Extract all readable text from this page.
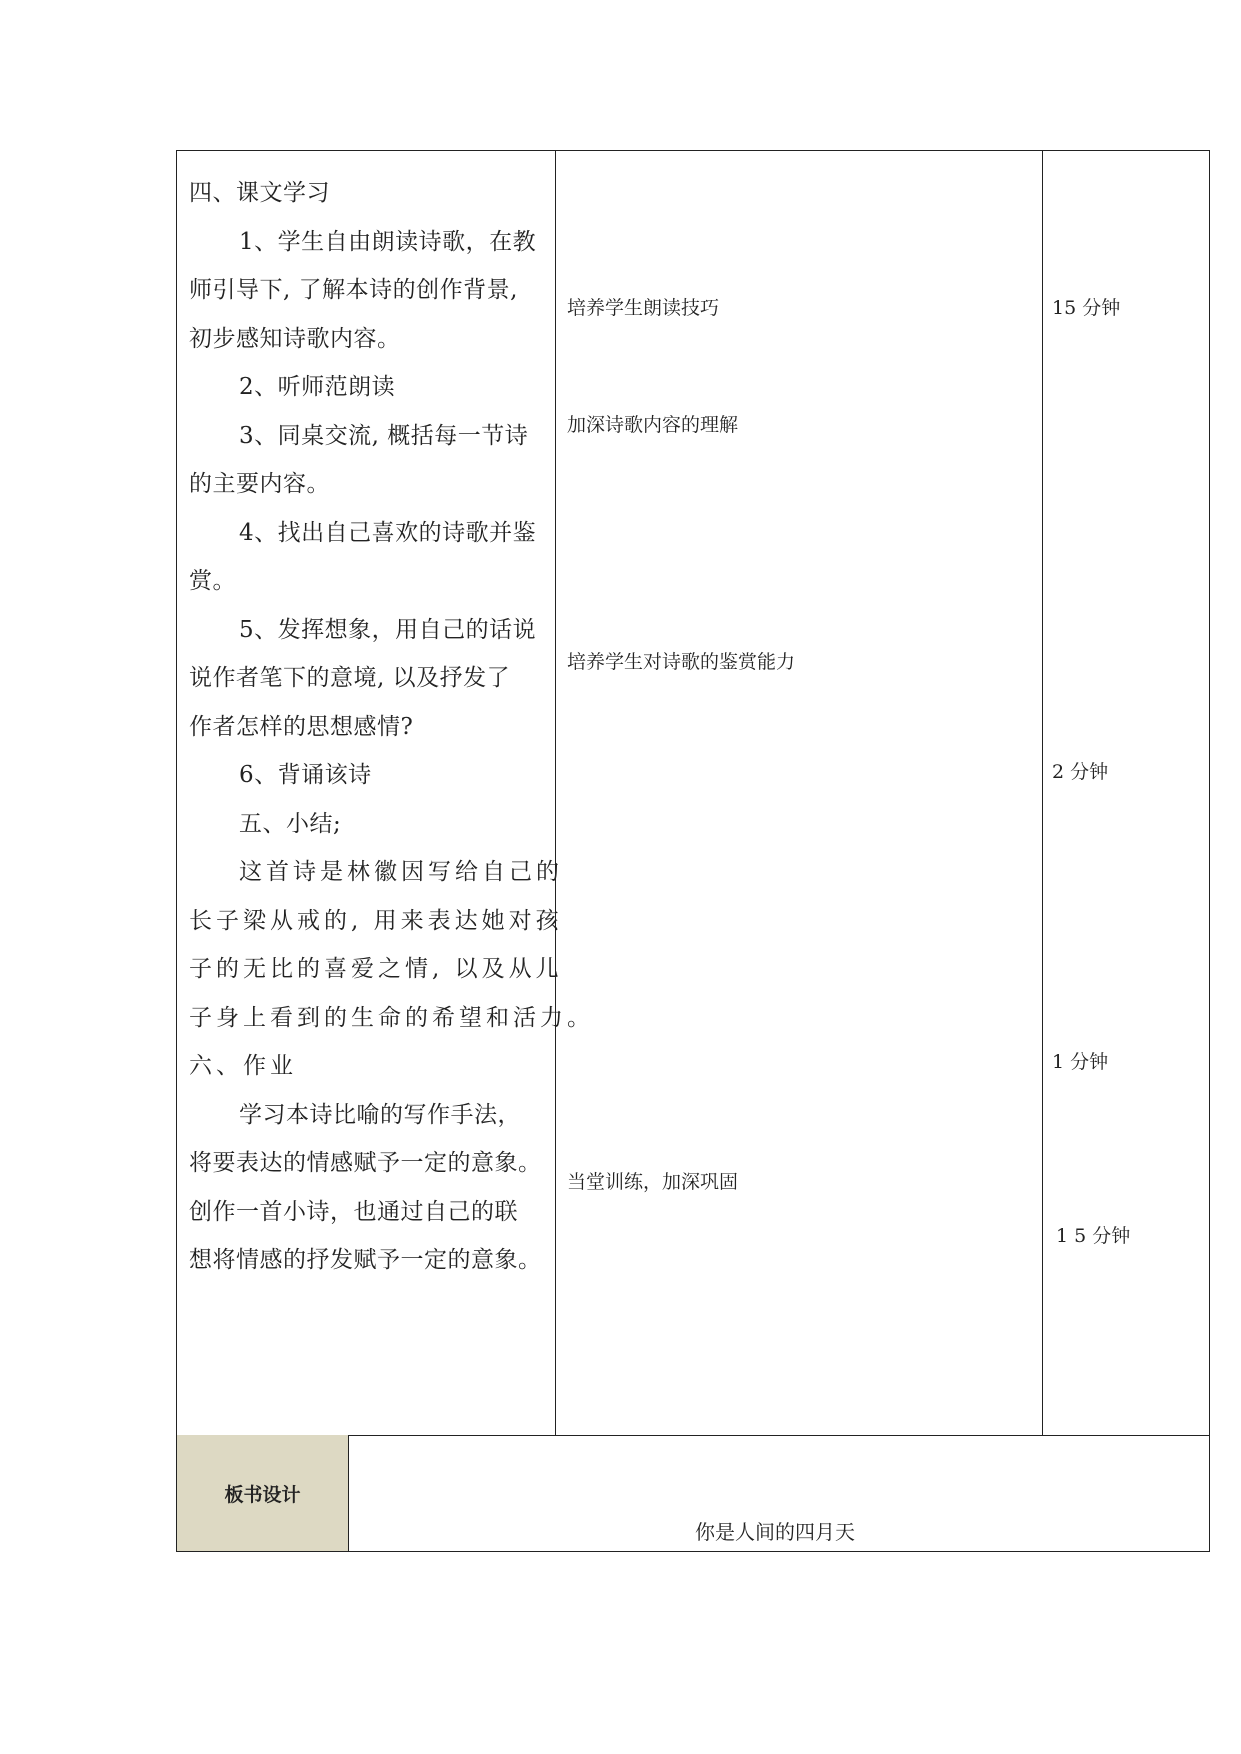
四、课文学习
1、学生自由朗读诗歌，在教
师引导下, 了解本诗的创作背景,
初步感知诗歌内容。
2、听师范朗读
3、同桌交流, 概括每一节诗
的主要内容。
4、找出自己喜欢的诗歌并鉴
赏。
5、发挥想象，用自己的话说
说作者笔下的意境, 以及抒发了
作者怎样的思想感情?
6、背诵该诗
五、小结;
这首诗是林徽因写给自己的
长子梁从戒的, 用来表达她对孩
子的无比的喜爱之情, 以及从儿
子身上看到的生命的希望和活力。
六、作业
学习本诗比喻的写作手法，
将要表达的情感赋予一定的意象。
创作一首小诗，也通过自己的联
想将情感的抒发赋予一定的意象。
培养学生朗读技巧
加深诗歌内容的理解
培养学生对诗歌的鉴赏能力
当堂训练，加深巩固
15 分钟
2 分钟
1 分钟
1 5 分钟
板书设计
你是人间的四月天
